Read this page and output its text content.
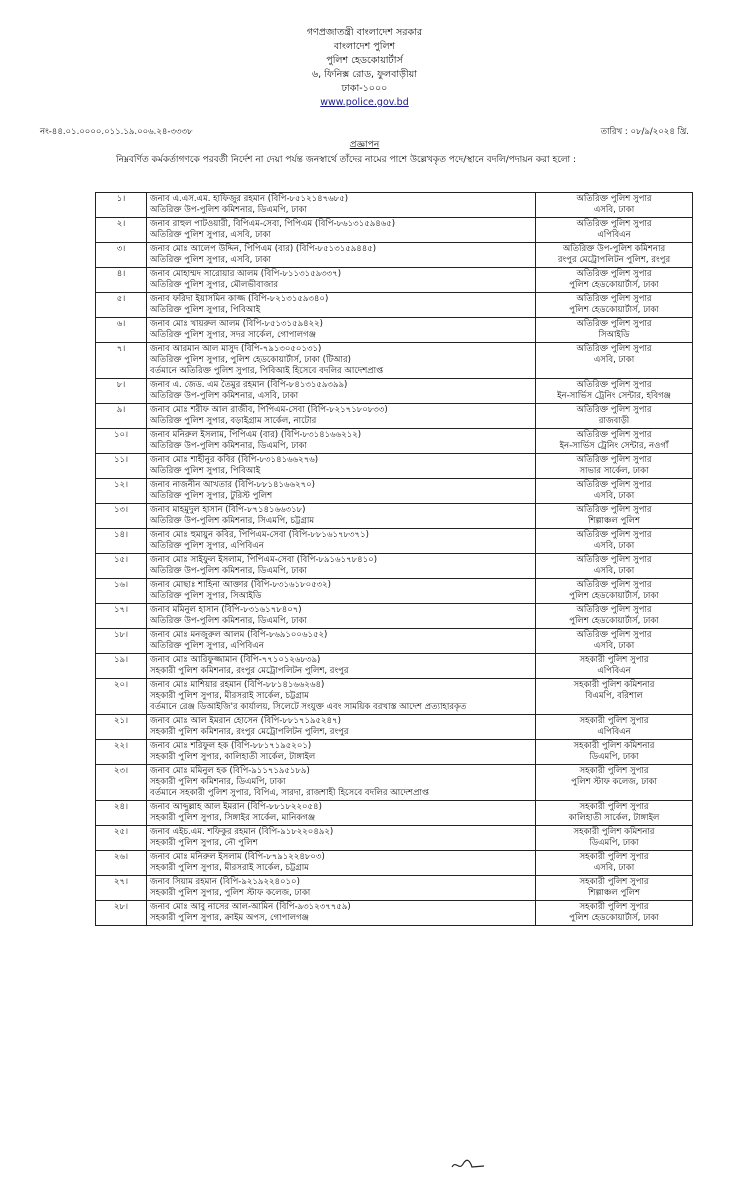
গণপ্রজাতন্ত্রী বাংলাদেশ সরকার
বাংলাদেশ পুলিশ
পুলিশ হেডকোয়ার্টার্স
৬, ফিনিক্স রোড, ফুলবাড়ীয়া
ঢাকা-১০০০
www.police.gov.bd
নং-৪৪.০১.০০০০.০১১.১৯.০০৬.২৪-৩৩৩৮	তারিখ : ০৮/৯/২০২৪ খ্রি.
প্রজ্ঞাপন
নিম্নবর্ণিত কর্মকর্তাগণকে পরবর্তী নির্দেশ না দেয়া পর্যন্ত জনস্বার্থে তাঁদের নামের পাশে উল্লেখকৃত পদে/স্থানে বদলি/পদায়ন করা হলো :
১।	জনাব এ.এস.এম. হাফিজুর রহমান (বিপি-৮৫১২১৪৭৬৮৫)
অতিরিক্ত উপ-পুলিশ কমিশনার, ডিএমপি, ঢাকা	অতিরিক্ত পুলিশ সুপার
এসবি, ঢাকা

২।	জনাব রাহুল পাটওয়ারী, বিপিএম-সেবা, পিপিএম (বিপি-৮৬১৩১৫৯৪৬৫)
অতিরিক্ত পুলিশ সুপার, এসবি, ঢাকা	অতিরিক্ত পুলিশ সুপার
এপিবিএন

৩।	জনাব মোঃ আলেপ উদ্দিন, পিপিএম (বার) (বিপি-৮৫১৩১৫৯৪৪৫)
অতিরিক্ত পুলিশ সুপার, এসবি, ঢাকা	অতিরিক্ত উপ-পুলিশ কমিশনার
রংপুর মেট্রোপলিটন পুলিশ, রংপুর

৪।	জনাব মোহাম্মদ সারোয়ার আলম (বিপি-৮১১৩১৫৯৩৩৭)
অতিরিক্ত পুলিশ সুপার, মৌলভীবাজার	অতিরিক্ত পুলিশ সুপার
পুলিশ হেডকোয়ার্টার্স, ঢাকা

৫।	জনাব ফরিদা ইয়াসমিন কাজ্জ (বিপি-৮২১৩১৫৯৩৪০)
অতিরিক্ত পুলিশ সুপার, পিবিআই	অতিরিক্ত পুলিশ সুপার
পুলিশ হেডকোয়ার্টার্স, ঢাকা

৬।	জনাব মোঃ খায়রুল আলম (বিপি-৮৫১৩১৫৯৪২২)
অতিরিক্ত পুলিশ সুপার, সদর সার্কেল, গোপালগঞ্জ	অতিরিক্ত পুলিশ সুপার
সিআইডি

৭।	জনাব আরমান আল মাসুদ (বিপি-৭৯১৩০৫০১৩১)
অতিরিক্ত পুলিশ সুপার, পুলিশ হেডকোয়ার্টার্স, ঢাকা (টিআর)
বর্তমানে অতিরিক্ত পুলিশ সুপার, পিবিআই হিসেবে বদলির আদেশপ্রাপ্ত	অতিরিক্ত পুলিশ সুপার
এসবি, ঢাকা

৮।	জনাব এ. জেড. এম তৈমুর রহমান (বিপি-৮৪১৩১৫৯৩৯৯)
অতিরিক্ত উপ-পুলিশ কমিশনার, এসবি, ঢাকা	অতিরিক্ত পুলিশ সুপার
ইন-সার্ভিস ট্রেনিং সেন্টার, হবিগঞ্জ

৯।	জনাব মোঃ শরীফ আল রাজীব, পিপিএম-সেবা (বিপি-৮২১৭১৮০৮৩৩)
অতিরিক্ত পুলিশ সুপার, বড়াইগ্রাম সার্কেল, নাটোর	অতিরিক্ত পুলিশ সুপার
রাজবাড়ী

১০।	জনাব মনিরুল ইসলাম, পিপিএম (বার) (বিপি-৮৩১৪১৬৬২১২)
অতিরিক্ত উপ-পুলিশ কমিশনার, ডিএমপি, ঢাকা	অতিরিক্ত পুলিশ সুপার
ইন-সার্ভিস ট্রেনিং সেন্টার, নওগাঁ

১১।	জনাব মোঃ শাহীনুর কবির (বিপি-৮৩১৪১৬৬২৭৬)
অতিরিক্ত পুলিশ সুপার, পিবিআই	অতিরিক্ত পুলিশ সুপার
সাভার সার্কেল, ঢাকা

১২।	জনাব নাজনীন আখতার (বিপি-৮৮১৪১৬৬২৭০)
অতিরিক্ত পুলিশ সুপার, টুরিস্ট পুলিশ	অতিরিক্ত পুলিশ সুপার
এসবি, ঢাকা

১৩।	জনাব মাহমুদুল হাসান (বিপি-৮৭১৪১৬৬৩১৮)
অতিরিক্ত উপ-পুলিশ কমিশনার, সিএমপি, চট্টগ্রাম	অতিরিক্ত পুলিশ সুপার
শিল্পাঞ্চল পুলিশ

১৪।	জনাব মোঃ হুমায়ুন কবির, পিপিএম-সেবা (বিপি-৮৮১৬১৭৮৩৭১)
অতিরিক্ত পুলিশ সুপার, এপিবিএন	অতিরিক্ত পুলিশ সুপার
এসবি, ঢাকা

১৫।	জনাব মোঃ সাইফুল ইসলাম, পিপিএম-সেবা (বিপি-৮৯১৬১৭৮৪১০)
অতিরিক্ত উপ-পুলিশ কমিশনার, ডিএমপি, ঢাকা	অতিরিক্ত পুলিশ সুপার
এসবি, ঢাকা

১৬।	জনাব মোছাঃ শাহিনা আক্তার (বিপি-৮৩১৬১৮০৫৩২)
অতিরিক্ত পুলিশ সুপার, সিআইডি	অতিরিক্ত পুলিশ সুপার
পুলিশ হেডকোয়ার্টার্স, ঢাকা

১৭।	জনাব মমিনুল হাসান (বিপি-৮৩১৬১৭৮৪০৭)
অতিরিক্ত উপ-পুলিশ কমিশনার, ডিএমপি, ঢাকা	অতিরিক্ত পুলিশ সুপার
পুলিশ হেডকোয়ার্টার্স, ঢাকা

১৮।	জনাব মোঃ মনজুরুল আলম (বিপি-৮৬৯১০০৬১৫২)
অতিরিক্ত পুলিশ সুপার, এপিবিএন	অতিরিক্ত পুলিশ সুপার
এসবি, ঢাকা

১৯।	জনাব মোঃ আরিফুজ্জামান (বিপি-৭৭১০১২৬৮৩৯)
সহকারী পুলিশ কমিশনার, রংপুর মেট্রোপলিটন পুলিশ, রংপুর	সহকারী পুলিশ সুপার
এপিবিএন

২০।	জনাব মোঃ মাশিয়ার রহমান (বিপি-৮৮১৪১৬৬২৬৪)
সহকারী পুলিশ সুপার, মীরসরাই সার্কেল, চট্টগ্রাম
বর্তমানে রেঞ্জ ডিআইজি'র কার্যালয়, সিলেটে সংযুক্ত এবং সাময়িক বরখাস্ত আদেশ প্রত্যাহারকৃত	সহকারী পুলিশ কমিশনার
বিএমপি, বরিশাল

২১।	জনাব মোঃ আল ইমরান হোসেন (বিপি-৮৮১৭১৯৫২৪৭)
সহকারী পুলিশ কমিশনার, রংপুর মেট্রোপলিটন পুলিশ, রংপুর	সহকারী পুলিশ সুপার
এপিবিএন

২২।	জনাব মোঃ শরিফুল হক (বিপি-৮৮১৭১৯৫২০১)
সহকারী পুলিশ সুপার, কালিহাতী সার্কেল, টাঙ্গাইল	সহকারী পুলিশ কমিশনার
ডিএমপি, ঢাকা

২৩।	জনাব মোঃ মমিনুল হক (বিপি-৯১১৭১৯৫১৮৯)
সহকারী পুলিশ কমিশনার, ডিএমপি, ঢাকা
বর্তমানে সহকারী পুলিশ সুপার, বিপিএ, সারদা, রাজশাহী হিসেবে বদলির আদেশপ্রাপ্ত	সহকারী পুলিশ সুপার
পুলিশ স্টাফ কলেজ, ঢাকা

২৪।	জনাব আব্দুল্লাহ আল ইমরান (বিপি-৮৮১৮২২০৫৪)
সহকারী পুলিশ সুপার, সিঙ্গাইর সার্কেল, মানিকগঞ্জ	সহকারী পুলিশ সুপার
কালিহাতী সার্কেল, টাঙ্গাইল

২৫।	জনাব এইচ.এম. শফিকুর রহমান (বিপি-৯১৮২২০৪৯২)
সহকারী পুলিশ সুপার, নৌ পুলিশ	সহকারী পুলিশ কমিশনার
ডিএমপি, ঢাকা

২৬।	জনাব মোঃ মনিরুল ইসলাম (বিপি-৮৭৯১২২৪৮০৩)
সহকারী পুলিশ সুপার, মীরসরাই সার্কেল, চট্টগ্রাম	সহকারী পুলিশ সুপার
এসবি, ঢাকা

২৭।	জনাব সিয়াম রহমান (বিপি-৯২১৯২২৪০১০)
সহকারী পুলিশ সুপার, পুলিশ স্টাফ কলেজ, ঢাকা	সহকারী পুলিশ সুপার
শিল্পাঞ্চল পুলিশ

২৮।	জনাব মোঃ আবু নাসের আল-আমিন (বিপি-৯৩১২৩৭৭৫৯)
সহকারী পুলিশ সুপার, ক্রাইম অপস, গোপালগঞ্জ	সহকারী পুলিশ সুপার
পুলিশ হেডকোয়ার্টার্স, ঢাকা
